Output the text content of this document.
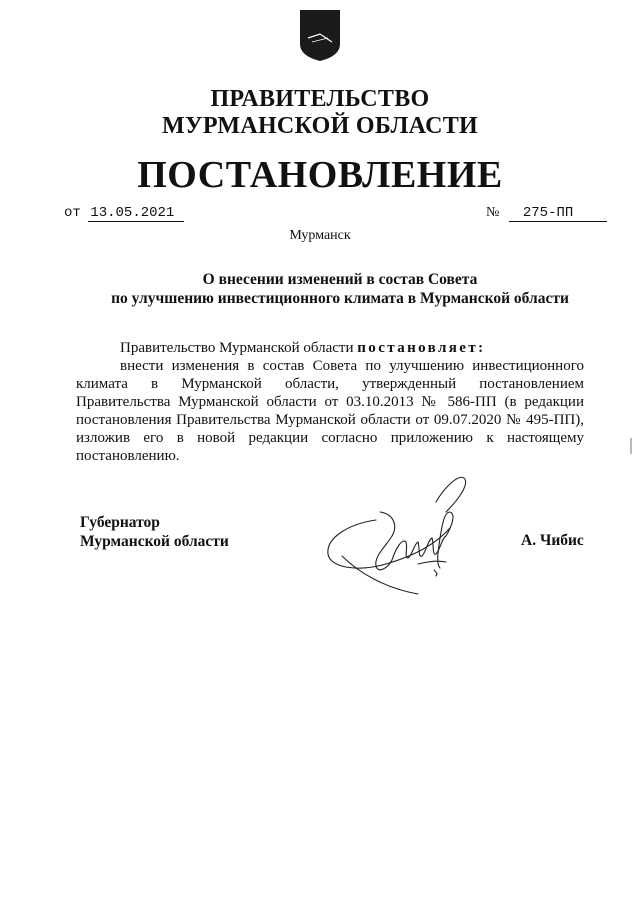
ПРАВИТЕЛЬСТВО
МУРМАНСКОЙ ОБЛАСТИ
ПОСТАНОВЛЕНИЕ
от 13.05.2021	№ 275-ПП
Мурманск
О внесении изменений в состав Совета
по улучшению инвестиционного климата в Мурманской области
Правительство Мурманской области постановляет:
внести изменения в состав Совета по улучшению инвестиционного климата в Мурманской области, утвержденный постановлением Правительства Мурманской области от 03.10.2013 № 586-ПП (в редакции постановления Правительства Мурманской области от 09.07.2020 № 495-ПП), изложив его в новой редакции согласно приложению к настоящему постановлению.
Губернатор
Мурманской области	А. Чибис
